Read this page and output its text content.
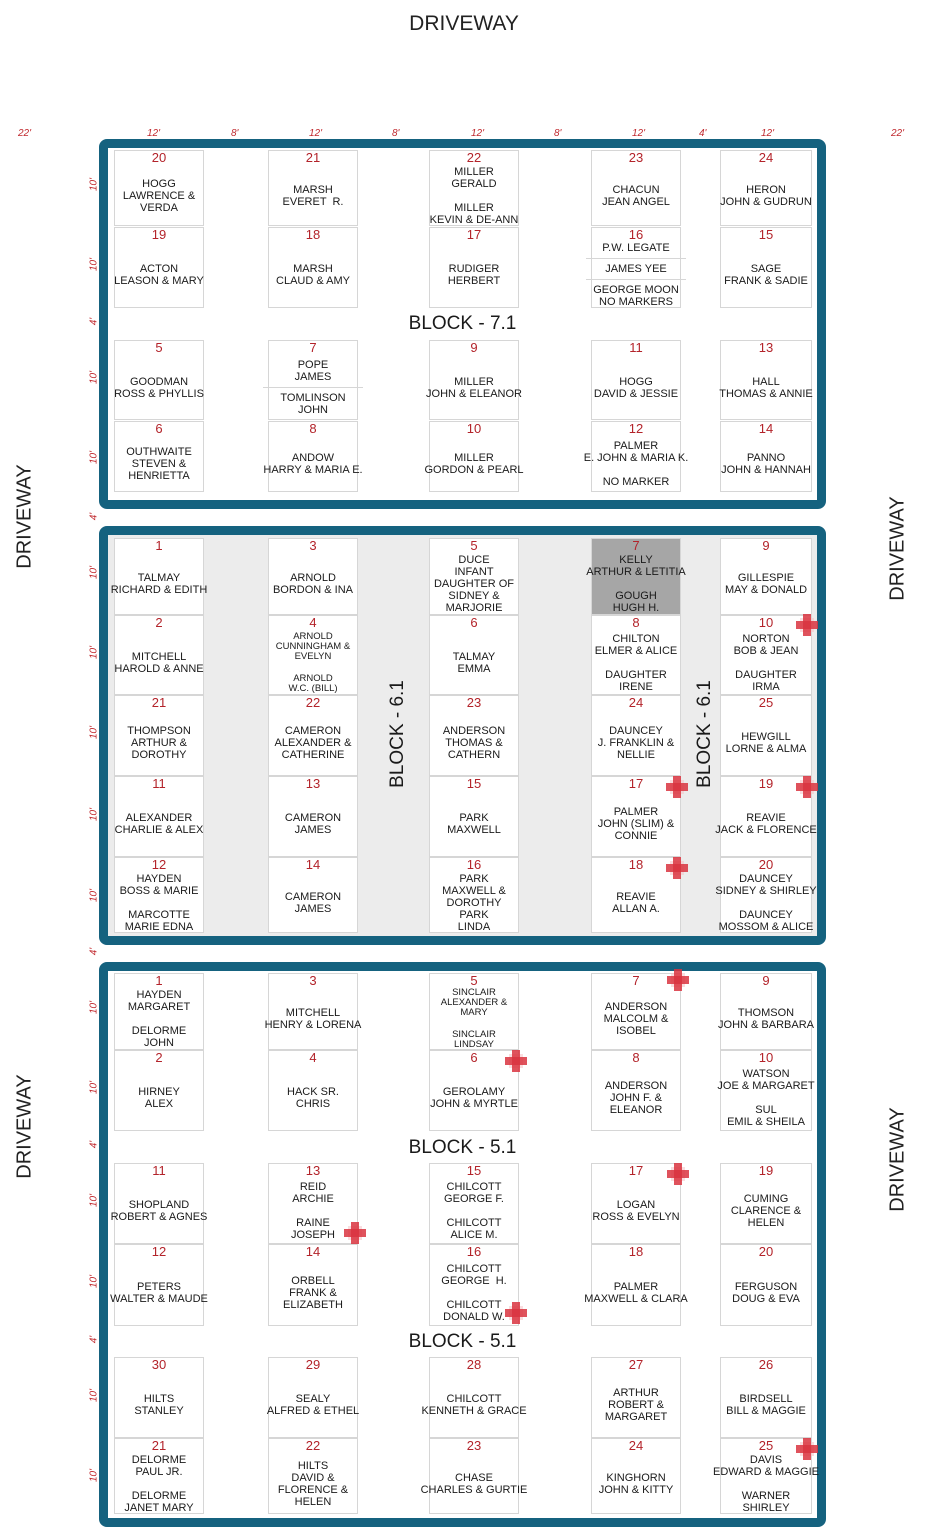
DRIVEWAY
22'	12'	8'	12'	8'	12'	8'	12'	4'	12'	22'
10'
10'
4'
10'
10'
4'
10'
10'
10'
10'
10'
4'
10'
10'
4'
10'
10'
4'
10'
10'
DRIVEWAY
DRIVEWAY
DRIVEWAY
DRIVEWAY
20
HOGG
LAWRENCE &
VERDA
21
MARSH
EVERET  R.
22
MILLER
GERALD
MILLER
KEVIN & DE-ANN
23
CHACUN
JEAN ANGEL
24
HERON
JOHN & GUDRUN
19
ACTON
LEASON & MARY
18
MARSH
CLAUD & AMY
17
RUDIGER
HERBERT
16
P.W. LEGATE
JAMES YEE
GEORGE MOON
NO MARKERS
15
SAGE
FRANK & SADIE
5
GOODMAN
ROSS & PHYLLIS
7
POPE
JAMES
TOMLINSON
JOHN
9
MILLER
JOHN & ELEANOR
11
HOGG
DAVID & JESSIE
13
HALL
THOMAS & ANNIE
6
OUTHWAITE
STEVEN &
HENRIETTA
8
ANDOW
HARRY & MARIA E.
10
MILLER
GORDON & PEARL
12
PALMER
E. JOHN & MARIA K.
NO MARKER
14
PANNO
JOHN & HANNAH
1
TALMAY
RICHARD & EDITH
3
ARNOLD
BORDON & INA
5
DUCE
INFANT
DAUGHTER OF
SIDNEY &
MARJORIE
7
KELLY
ARTHUR & LETITIA
GOUGH
HUGH H.
9
GILLESPIE
MAY & DONALD
2
MITCHELL
HAROLD & ANNE
4
ARNOLD
CUNNINGHAM &
EVELYN
ARNOLD
W.C. (BILL)
6
TALMAY
EMMA
8
CHILTON
ELMER & ALICE
DAUGHTER
IRENE
10
NORTON
BOB & JEAN
DAUGHTER
IRMA
21
THOMPSON
ARTHUR &
DOROTHY
22
CAMERON
ALEXANDER &
CATHERINE
23
ANDERSON
THOMAS &
CATHERN
24
DAUNCEY
J. FRANKLIN &
NELLIE
25
HEWGILL
LORNE & ALMA
11
ALEXANDER
CHARLIE & ALEX
13
CAMERON
JAMES
15
PARK
MAXWELL
17
PALMER
JOHN (SLIM) &
CONNIE
19
REAVIE
JACK & FLORENCE
12
HAYDEN
BOSS & MARIE
MARCOTTE
MARIE EDNA
14
CAMERON
JAMES
16
PARK
MAXWELL &
DOROTHY
PARK
LINDA
18
REAVIE
ALLAN A.
20
DAUNCEY
SIDNEY & SHIRLEY
DAUNCEY
MOSSOM & ALICE
1
HAYDEN
MARGARET
DELORME
JOHN
3
MITCHELL
HENRY & LORENA
5
SINCLAIR
ALEXANDER &
MARY
SINCLAIR
LINDSAY
7
ANDERSON
MALCOLM &
ISOBEL
9
THOMSON
JOHN & BARBARA
2
HIRNEY
ALEX
4
HACK SR.
CHRIS
6
GEROLAMY
JOHN & MYRTLE
8
ANDERSON
JOHN F. &
ELEANOR
10
WATSON
JOE & MARGARET
SUL
EMIL & SHEILA
11
SHOPLAND
ROBERT & AGNES
13
REID
ARCHIE
RAINE
JOSEPH
15
CHILCOTT
GEORGE F.
CHILCOTT
ALICE M.
17
LOGAN
ROSS & EVELYN
19
CUMING
CLARENCE &
HELEN
12
PETERS
WALTER & MAUDE
14
ORBELL
FRANK &
ELIZABETH
16
CHILCOTT
GEORGE  H.
CHILCOTT
DONALD W.
18
PALMER
MAXWELL & CLARA
20
FERGUSON
DOUG & EVA
30
HILTS
STANLEY
29
SEALY
ALFRED & ETHEL
28
CHILCOTT
KENNETH & GRACE
27
ARTHUR
ROBERT &
MARGARET
26
BIRDSELL
BILL & MAGGIE
21
DELORME
PAUL JR.
DELORME
JANET MARY
22
HILTS
DAVID &
FLORENCE &
HELEN
23
CHASE
CHARLES & GURTIE
24
KINGHORN
JOHN & KITTY
25
DAVIS
EDWARD & MAGGIE
WARNER
SHIRLEY
BLOCK - 7.1
BLOCK - 6.1	BLOCK - 6.1
BLOCK - 5.1
BLOCK - 5.1
